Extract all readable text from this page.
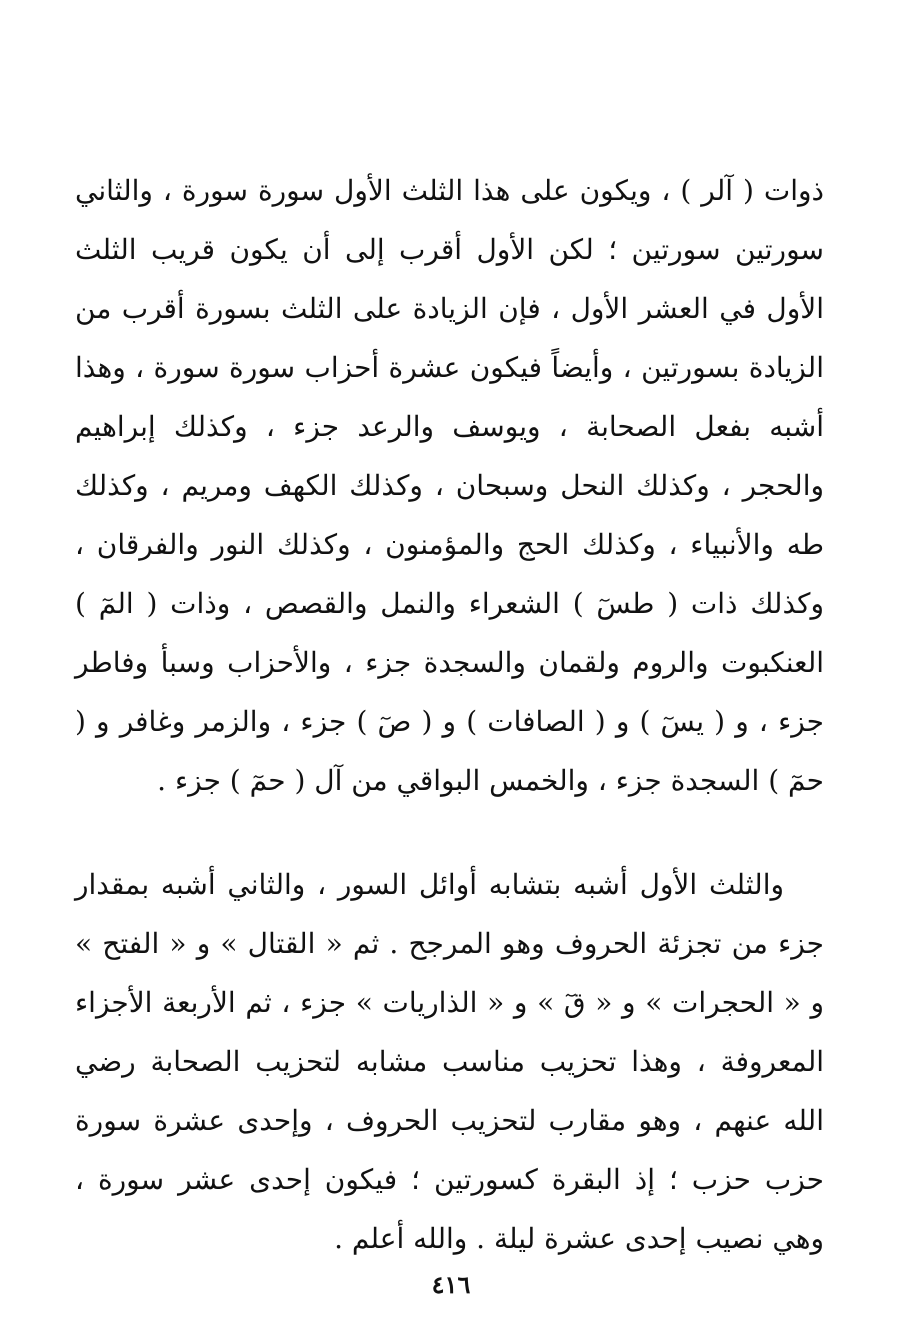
ذوات ( آلر ) ، ويكون على هذا الثلث الأول سورة سورة ، والثاني سورتين سورتين ؛ لكن الأول أقرب إلى أن يكون قريب الثلث الأول في العشر الأول ، فإن الزيادة على الثلث بسورة أقرب من الزيادة بسورتين ، وأيضاً فيكون عشرة أحزاب سورة سورة ، وهذا أشبه بفعل الصحابة ، ويوسف والرعد جزء ، وكذلك إبراهيم والحجر ، وكذلك النحل وسبحان ، وكذلك الكهف ومريم ، وكذلك طه والأنبياء ، وكذلك الحج والمؤمنون ، وكذلك النور والفرقان ، وكذلك ذات ( طسٓ ) الشعراء والنمل والقصص ، وذات ( المٓ ) العنكبوت والروم ولقمان والسجدة جزء ، والأحزاب وسبأ وفاطر جزء ، و ( يسٓ ) و ( الصافات ) و ( صٓ ) جزء ، والزمر وغافر و ( حمٓ ) السجدة جزء ، والخمس البواقي من آل ( حمٓ ) جزء .

والثلث الأول أشبه بتشابه أوائل السور ، والثاني أشبه بمقدار جزء من تجزئة الحروف وهو المرجح . ثم « القتال » و « الفتح » و « الحجرات » و « قٓ » و « الذاريات » جزء ، ثم الأربعة الأجزاء المعروفة ، وهذا تحزيب مناسب مشابه لتحزيب الصحابة رضي الله عنهم ، وهو مقارب لتحزيب الحروف ، وإحدى عشرة سورة حزب حزب ؛ إذ البقرة كسورتين ؛ فيكون إحدى عشر سورة ، وهي نصيب إحدى عشرة ليلة . والله أعلم .

٤١٦
